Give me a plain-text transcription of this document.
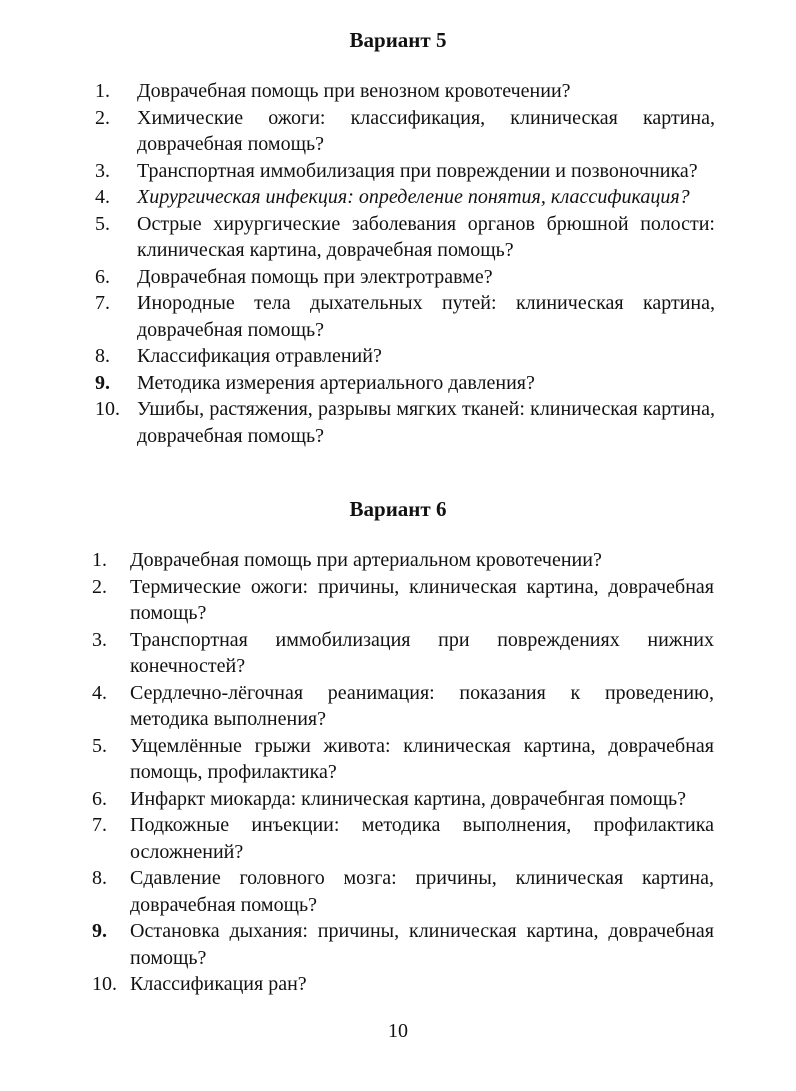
Вариант 5
1. Доврачебная помощь при венозном кровотечении?
2. Химические ожоги: классификация, клиническая картина, доврачебная помощь?
3. Транспортная иммобилизация при повреждении и позвоночника?
4. Хирургическая инфекция: определение понятия, классификация?
5. Острые хирургические заболевания органов брюшной полости: клиническая картина, доврачебная помощь?
6. Доврачебная помощь при электротравме?
7. Инородные тела дыхательных путей: клиническая картина, доврачебная помощь?
8. Классификация отравлений?
9. Методика измерения артериального давления?
10. Ушибы, растяжения, разрывы мягких тканей: клиническая картина, доврачебная помощь?
Вариант 6
1. Доврачебная помощь при артериальном кровотечении?
2. Термические ожоги: причины, клиническая картина, доврачебная помощь?
3. Транспортная иммобилизация при повреждениях нижних конечностей?
4. Сердлечно-лёгочная реанимация: показания к проведению, методика выполнения?
5. Ущемлённые грыжи живота: клиническая картина, доврачебная помощь, профилактика?
6. Инфаркт миокарда: клиническая картина, доврачебнгая помощь?
7. Подкожные инъекции: методика выполнения, профилактика осложнений?
8. Сдавление головного мозга: причины, клиническая картина, доврачебная помощь?
9. Остановка дыхания: причины, клиническая картина, доврачебная помощь?
10. Классификация ран?
10
